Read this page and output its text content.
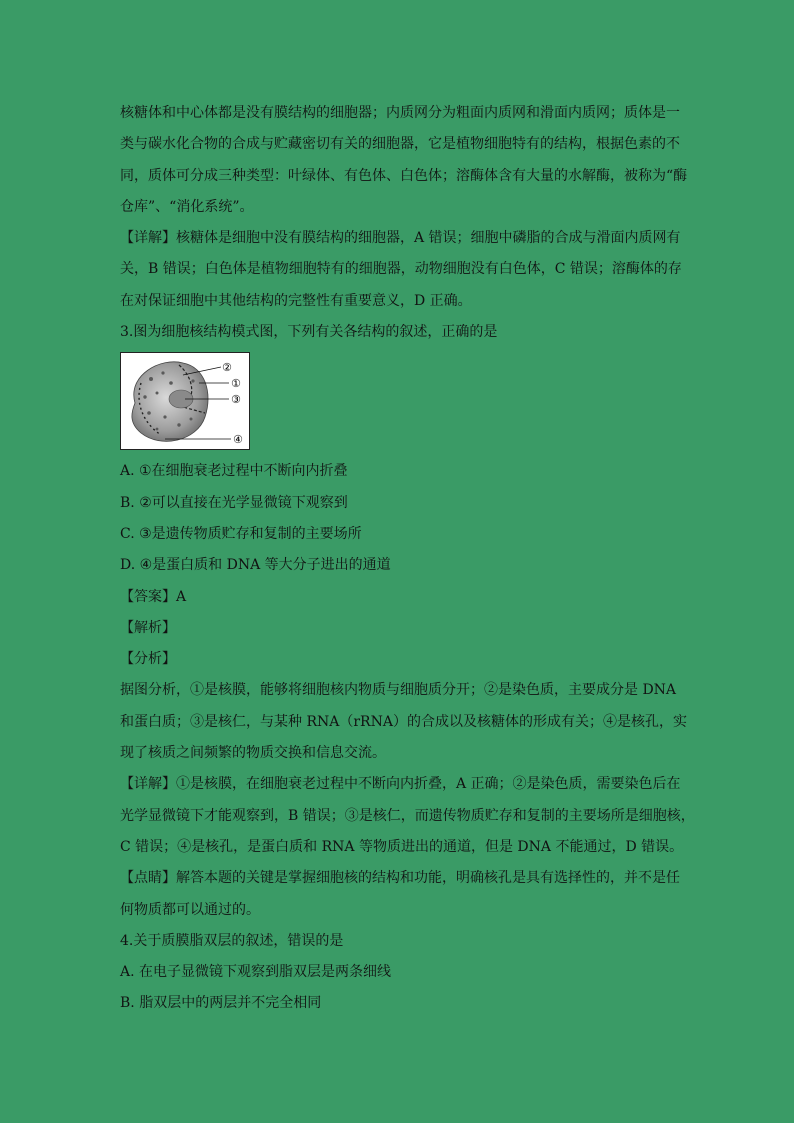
核糖体和中心体都是没有膜结构的细胞器；内质网分为粗面内质网和滑面内质网；质体是一
类与碳水化合物的合成与贮藏密切有关的细胞器，它是植物细胞特有的结构，根据色素的不
同，质体可分成三种类型：叶绿体、有色体、白色体；溶酶体含有大量的水解酶，被称为“酶
仓库”、“消化系统”。
【详解】核糖体是细胞中没有膜结构的细胞器，A 错误；细胞中磷脂的合成与滑面内质网有
关，B 错误；白色体是植物细胞特有的细胞器，动物细胞没有白色体，C 错误；溶酶体的存
在对保证细胞中其他结构的完整性有重要意义，D 正确。
3.图为细胞核结构模式图，下列有关各结构的叙述，正确的是
②
①
③
④
A. ①在细胞衰老过程中不断向内折叠
B. ②可以直接在光学显微镜下观察到
C. ③是遗传物质贮存和复制的主要场所
D. ④是蛋白质和 DNA 等大分子进出的通道
【答案】A
【解析】
【分析】
据图分析，①是核膜，能够将细胞核内物质与细胞质分开；②是染色质，主要成分是 DNA
和蛋白质；③是核仁，与某种 RNA（rRNA）的合成以及核糖体的形成有关；④是核孔，实
现了核质之间频繁的物质交换和信息交流。
【详解】①是核膜，在细胞衰老过程中不断向内折叠，A 正确；②是染色质，需要染色后在
光学显微镜下才能观察到，B 错误；③是核仁，而遗传物质贮存和复制的主要场所是细胞核，
C 错误；④是核孔，是蛋白质和 RNA 等物质进出的通道，但是 DNA 不能通过，D 错误。
【点睛】解答本题的关键是掌握细胞核的结构和功能，明确核孔是具有选择性的，并不是任
何物质都可以通过的。
4.关于质膜脂双层的叙述，错误的是
A. 在电子显微镜下观察到脂双层是两条细线
B. 脂双层中的两层并不完全相同
